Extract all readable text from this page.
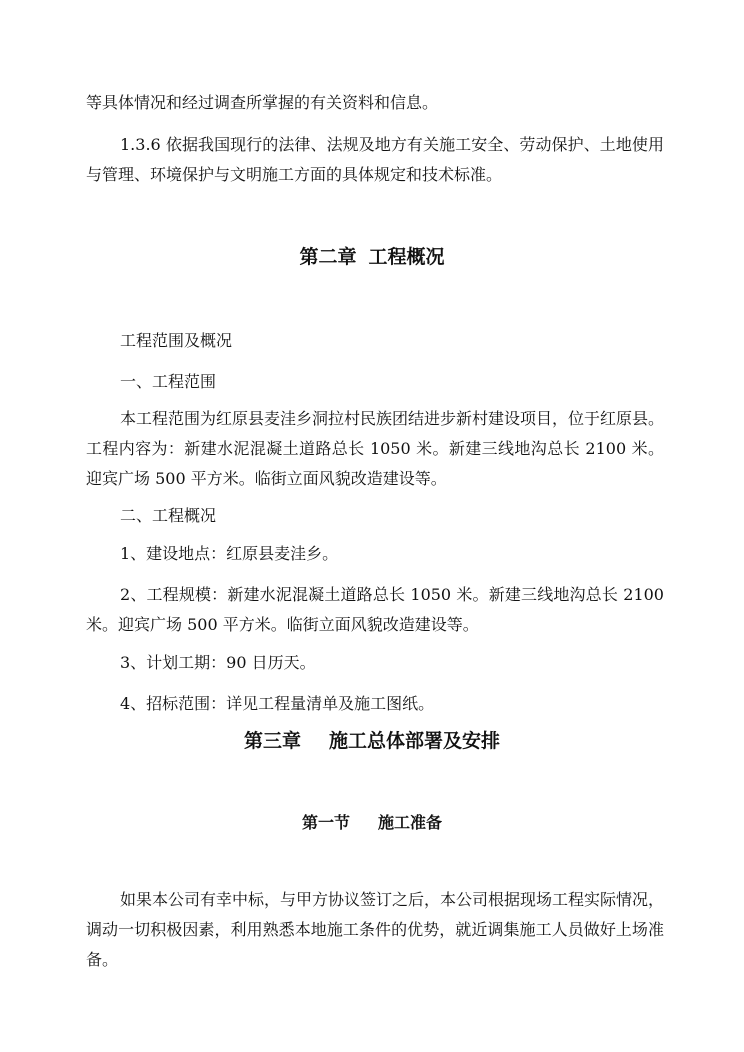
等具体情况和经过调查所掌握的有关资料和信息。

1.3.6 依据我国现行的法律、法规及地方有关施工安全、劳动保护、土地使用与管理、环境保护与文明施工方面的具体规定和技术标准。

第二章 工程概况

工程范围及概况

一、工程范围

本工程范围为红原县麦洼乡洞拉村民族团结进步新村建设项目，位于红原县。工程内容为：新建水泥混凝土道路总长 1050 米。新建三线地沟总长 2100 米。迎宾广场 500 平方米。临街立面风貌改造建设等。

二、工程概况

1、建设地点：红原县麦洼乡。

2、工程规模：新建水泥混凝土道路总长 1050 米。新建三线地沟总长 2100 米。迎宾广场 500 平方米。临街立面风貌改造建设等。

3、计划工期：90 日历天。

4、招标范围：详见工程量清单及施工图纸。

第三章 施工总体部署及安排
第一节 施工准备

如果本公司有幸中标，与甲方协议签订之后，本公司根据现场工程实际情况，调动一切积极因素，利用熟悉本地施工条件的优势，就近调集施工人员做好上场准备。
